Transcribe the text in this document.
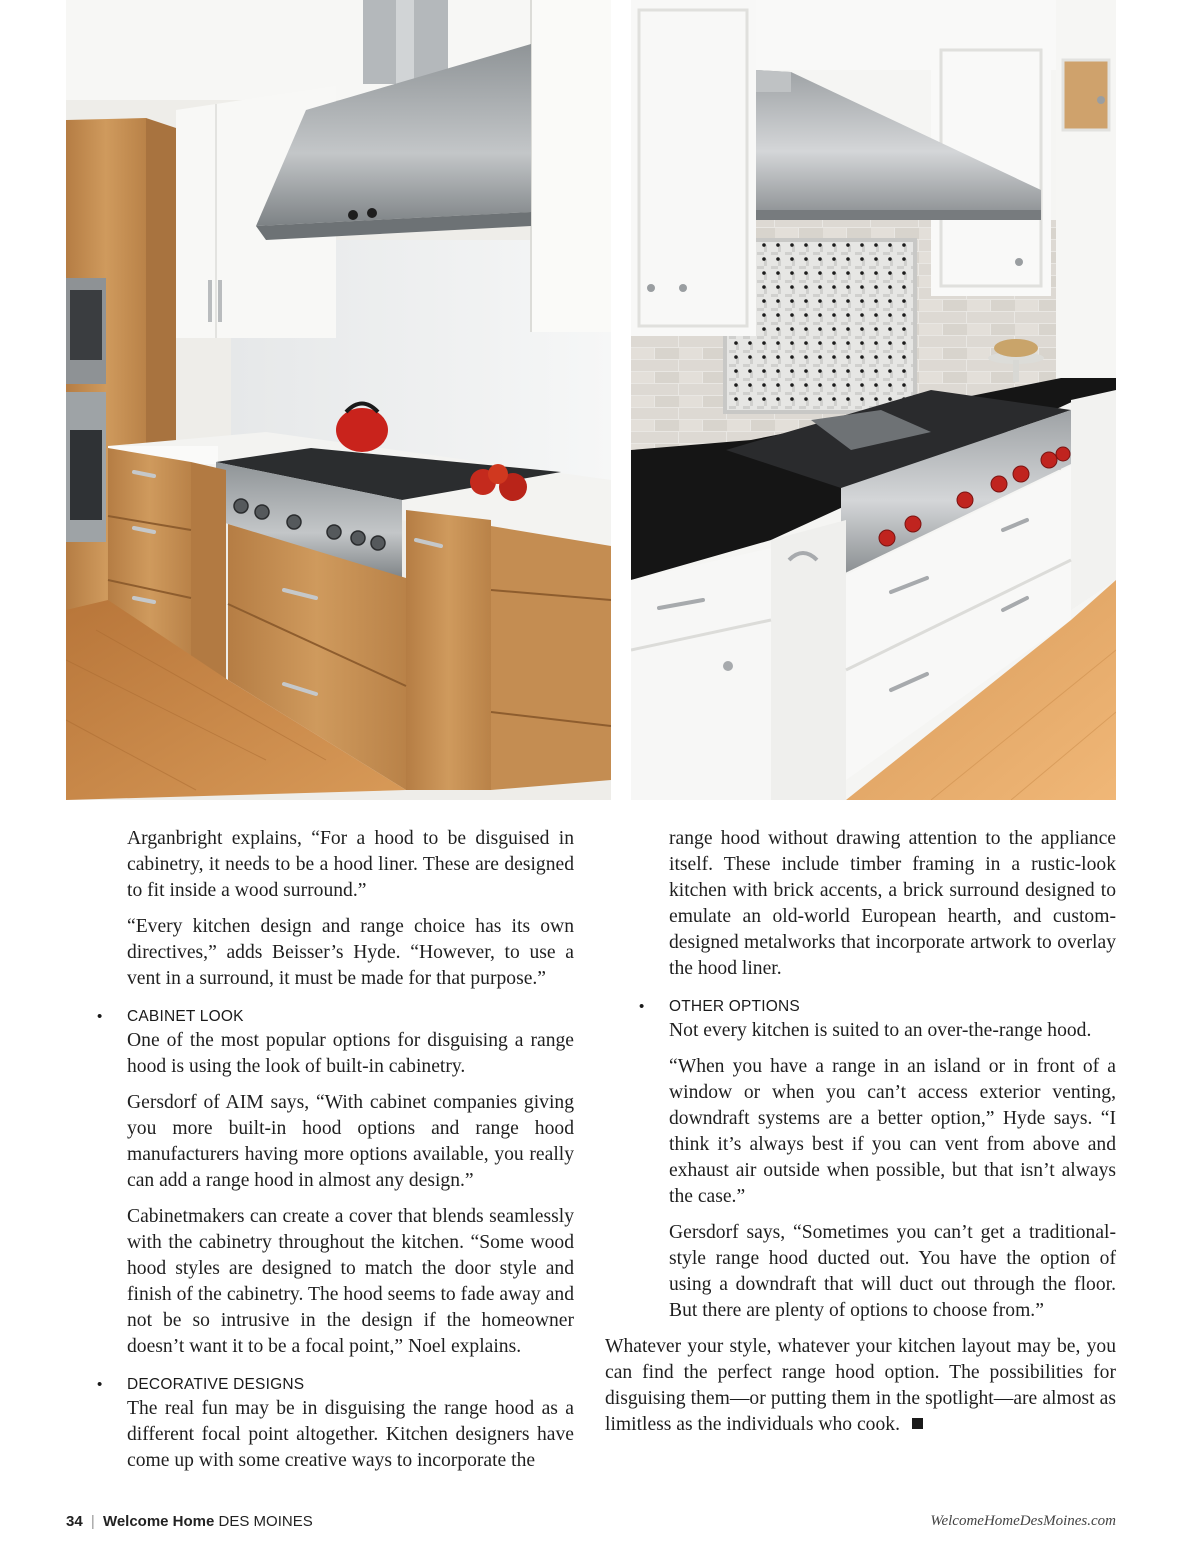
Arganbright explains, “For a hood to be disguised in cabinetry, it needs to be a hood liner. These are designed to fit inside a wood surround.”

“Every kitchen design and range choice has its own directives,” adds Beisser’s Hyde. “However, to use a vent in a surround, it must be made for that purpose.”

• CABINET LOOK

One of the most popular options for disguising a range hood is using the look of built-in cabinetry.

Gersdorf of AIM says, “With cabinet companies giving you more built-in hood options and range hood manufacturers having more options available, you really can add a range hood in almost any design.”

Cabinetmakers can create a cover that blends seamlessly with the cabinetry throughout the kitchen. “Some wood hood styles are designed to match the door style and finish of the cabinetry. The hood seems to fade away and not be so intrusive in the design if the homeowner doesn’t want it to be a focal point,” Noel explains.

• DECORATIVE DESIGNS

The real fun may be in disguising the range hood as a different focal point altogether. Kitchen designers have come up with some creative ways to incorporate the

range hood without drawing attention to the appliance itself. These include timber framing in a rustic-look kitchen with brick accents, a brick surround designed to emulate an old-world European hearth, and custom-designed metalworks that incorporate artwork to overlay the hood liner.

• OTHER OPTIONS

Not every kitchen is suited to an over-the-range hood.

“When you have a range in an island or in front of a window or when you can’t access exterior venting, downdraft systems are a better option,” Hyde says. “I think it’s always best if you can vent from above and exhaust air outside when possible, but that isn’t always the case.”

Gersdorf says, “Sometimes you can’t get a traditional-style range hood ducted out. You have the option of using a downdraft that will duct out through the floor. But there are plenty of options to choose from.”

Whatever your style, whatever your kitchen layout may be, you can find the perfect range hood option. The possibilities for disguising them—or putting them in the spotlight—are almost as limitless as the individuals who cook.

34 | Welcome Home DES MOINES	WelcomeHomeDesMoines.com
